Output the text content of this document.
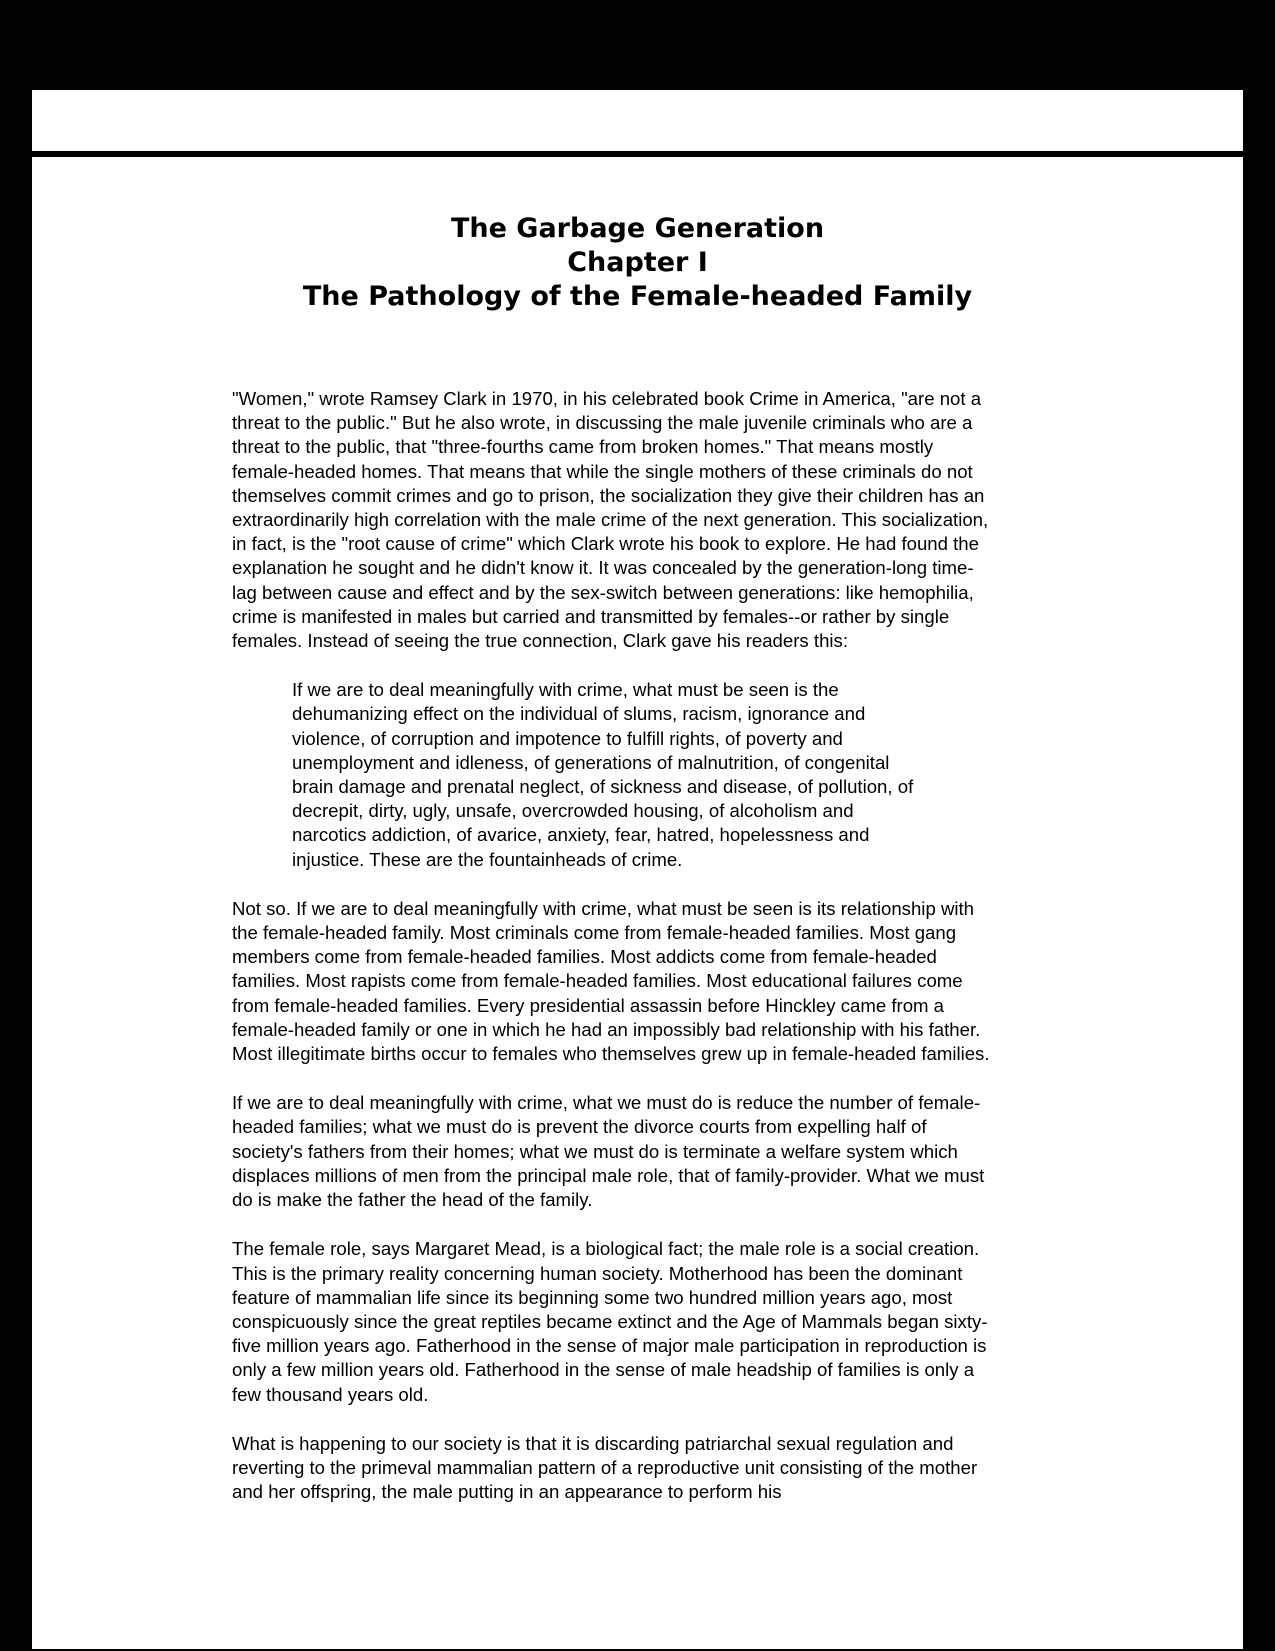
The Garbage Generation
Chapter I
The Pathology of the Female-headed Family

"Women," wrote Ramsey Clark in 1970, in his celebrated book Crime in America, "are not a threat to the public." But he also wrote, in discussing the male juvenile criminals who are a threat to the public, that "three-fourths came from broken homes." That means mostly female-headed homes. That means that while the single mothers of these criminals do not themselves commit crimes and go to prison, the socialization they give their children has an extraordinarily high correlation with the male crime of the next generation. This socialization, in fact, is the "root cause of crime" which Clark wrote his book to explore. He had found the explanation he sought and he didn't know it. It was concealed by the generation-long time-lag between cause and effect and by the sex-switch between generations: like hemophilia, crime is manifested in males but carried and transmitted by females--or rather by single females. Instead of seeing the true connection, Clark gave his readers this:

If we are to deal meaningfully with crime, what must be seen is the dehumanizing effect on the individual of slums, racism, ignorance and violence, of corruption and impotence to fulfill rights, of poverty and unemployment and idleness, of generations of malnutrition, of congenital brain damage and prenatal neglect, of sickness and disease, of pollution, of decrepit, dirty, ugly, unsafe, overcrowded housing, of alcoholism and narcotics addiction, of avarice, anxiety, fear, hatred, hopelessness and injustice. These are the fountainheads of crime.

Not so. If we are to deal meaningfully with crime, what must be seen is its relationship with the female-headed family. Most criminals come from female-headed families. Most gang members come from female-headed families. Most addicts come from female-headed families. Most rapists come from female-headed families. Most educational failures come from female-headed families. Every presidential assassin before Hinckley came from a female-headed family or one in which he had an impossibly bad relationship with his father. Most illegitimate births occur to females who themselves grew up in female-headed families.

If we are to deal meaningfully with crime, what we must do is reduce the number of female-headed families; what we must do is prevent the divorce courts from expelling half of society's fathers from their homes; what we must do is terminate a welfare system which displaces millions of men from the principal male role, that of family-provider. What we must do is make the father the head of the family.

The female role, says Margaret Mead, is a biological fact; the male role is a social creation. This is the primary reality concerning human society. Motherhood has been the dominant feature of mammalian life since its beginning some two hundred million years ago, most conspicuously since the great reptiles became extinct and the Age of Mammals began sixty-five million years ago. Fatherhood in the sense of major male participation in reproduction is only a few million years old. Fatherhood in the sense of male headship of families is only a few thousand years old.

What is happening to our society is that it is discarding patriarchal sexual regulation and reverting to the primeval mammalian pattern of a reproductive unit consisting of the mother and her offspring, the male putting in an appearance to perform his
